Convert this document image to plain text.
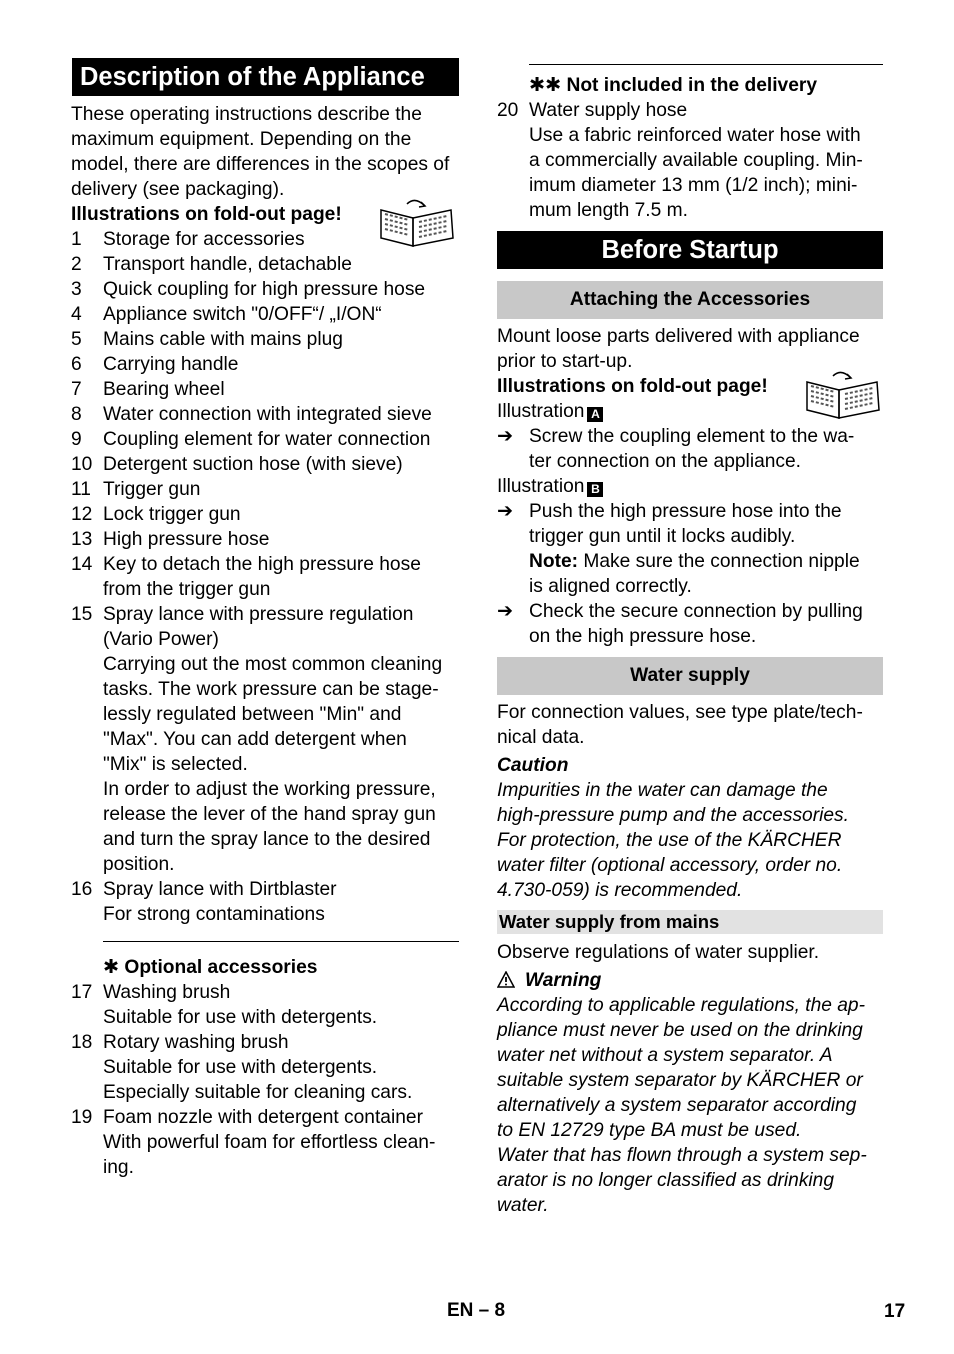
Description of the Appliance

These operating instructions describe the maximum equipment. Depending on the model, there are differences in the scopes of delivery (see packaging).

Illustrations on fold-out page!
1	Storage for accessories
2	Transport handle, detachable
3	Quick coupling for high pressure hose
4	Appliance switch "0/OFF“/ „I/ON“
5	Mains cable with mains plug
6	Carrying handle
7	Bearing wheel
8	Water connection with integrated sieve
9	Coupling element for water connection
10 Detergent suction hose (with sieve)
11 Trigger gun
12 Lock trigger gun
13 High pressure hose
14 Key to detach the high pressure hose
from the trigger gun
15 Spray lance with pressure regulation
(Vario Power)
Carrying out the most common cleaning
tasks. The work pressure can be stage-
lessly regulated between "Min" and
"Max". You can add detergent when
"Mix" is selected.
In order to adjust the working pressure,
release the lever of the hand spray gun
and turn the spray lance to the desired
position.
16 Spray lance with Dirtblaster
For strong contaminations
✱ Optional accessories
17 Washing brush
Suitable for use with detergents.
18 Rotary washing brush
Suitable for use with detergents.
Especially suitable for cleaning cars.
19 Foam nozzle with detergent container
With powerful foam for effortless clean-
ing.
✱✱ Not included in the delivery
20 Water supply hose
Use a fabric reinforced water hose with
a commercially available coupling. Min-
imum diameter 13 mm (1/2 inch); mini-
mum length 7.5 m.
Before Startup
Attaching the Accessories

Mount loose parts delivered with appliance prior to start-up.

Illustrations on fold-out page!
Illustration A
➔ Screw the coupling element to the wa-
ter connection on the appliance.
Illustration B
➔ Push the high pressure hose into the
trigger gun until it locks audibly.
Note: Make sure the connection nipple
is aligned correctly.
➔ Check the secure connection by pulling
on the high pressure hose.
Water supply
For connection values, see type plate/tech-
nical data.
Caution
Impurities in the water can damage the
high-pressure pump and the accessories.
For protection, the use of the KÄRCHER
water filter (optional accessory, order no.
4.730-059) is recommended.
Water supply from mains

Observe regulations of water supplier.

Warning
According to applicable regulations, the ap-
pliance must never be used on the drinking
water net without a system separator. A
suitable system separator by KÄRCHER or
alternatively a system separator according
to EN 12729 type BA must be used.
Water that has flown through a system sep-
arator is no longer classified as drinking
water.
EN – 8	17
